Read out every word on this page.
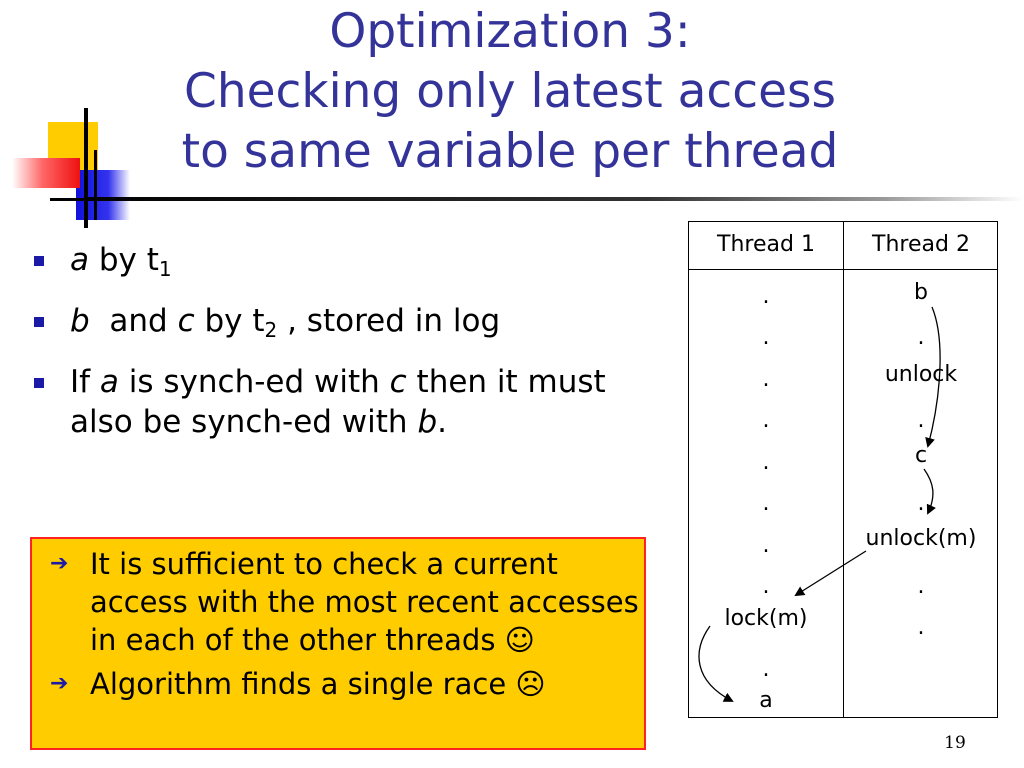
Optimization 3:
Checking only latest access
to same variable per thread
a by $t_1$
b  and c by $t_2$ , stored in log
If a is synch-ed with c then it must also be synch-ed with b.
➔ It is sufficient to check a current access with the most recent accesses in each of the other threads ☺
➔ Algorithm finds a single race ☹
Thread 1	Thread 2
.
.
.
.
.
.
.
.
lock(m)
.
a
b
.
unlock
.
c
.
unlock(m)
.
.
19
